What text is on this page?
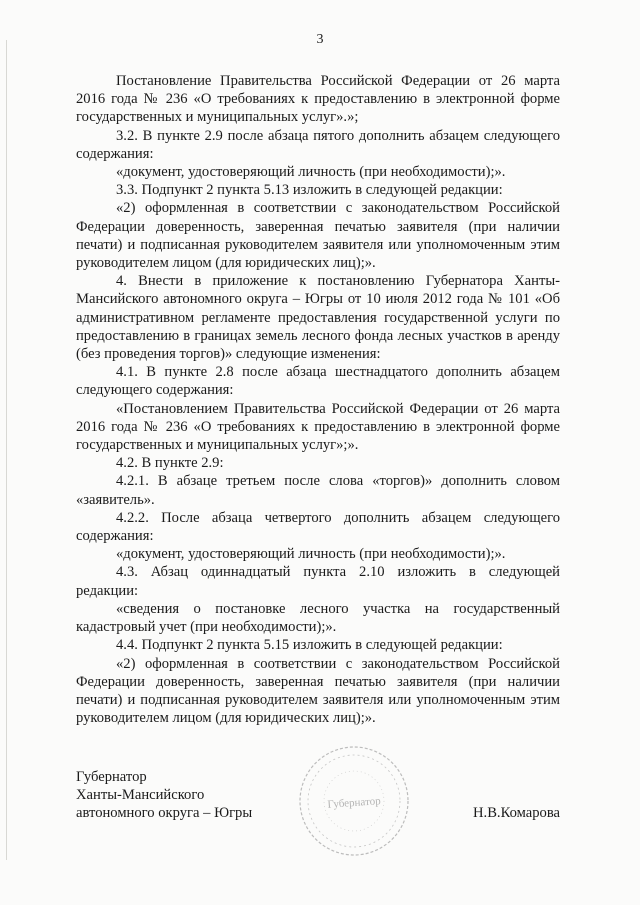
3

Постановление Правительства Российской Федерации от 26 марта 2016 года № 236 «О требованиях к предоставлению в электронной форме государственных и муниципальных услуг».»;

3.2. В пункте 2.9 после абзаца пятого дополнить абзацем следующего содержания:

«документ, удостоверяющий личность (при необходимости);».

3.3. Подпункт 2 пункта 5.13 изложить в следующей редакции:

«2) оформленная в соответствии с законодательством Российской Федерации доверенность, заверенная печатью заявителя (при наличии печати) и подписанная руководителем заявителя или уполномоченным этим руководителем лицом (для юридических лиц);».

4. Внести в приложение к постановлению Губернатора Ханты-Мансийского автономного округа – Югры от 10 июля 2012 года № 101 «Об административном регламенте предоставления государственной услуги по предоставлению в границах земель лесного фонда лесных участков в аренду (без проведения торгов)» следующие изменения:

4.1. В пункте 2.8 после абзаца шестнадцатого дополнить абзацем следующего содержания:

«Постановлением Правительства Российской Федерации от 26 марта 2016 года № 236 «О требованиях к предоставлению в электронной форме государственных и муниципальных услуг»;».

4.2. В пункте 2.9:

4.2.1. В абзаце третьем после слова «торгов)» дополнить словом «заявитель».

4.2.2. После абзаца четвертого дополнить абзацем следующего содержания:

«документ, удостоверяющий личность (при необходимости);».

4.3. Абзац одиннадцатый пункта 2.10 изложить в следующей редакции:

«сведения о постановке лесного участка на государственный кадастровый учет (при необходимости);».

4.4. Подпункт 2 пункта 5.15 изложить в следующей редакции:

«2) оформленная в соответствии с законодательством Российской Федерации доверенность, заверенная печатью заявителя (при наличии печати) и подписанная руководителем заявителя или уполномоченным этим руководителем лицом (для юридических лиц);».

Губернатор
Губернатор
Ханты-Мансийского
автономного округа – Югры	Н.В.Комарова
